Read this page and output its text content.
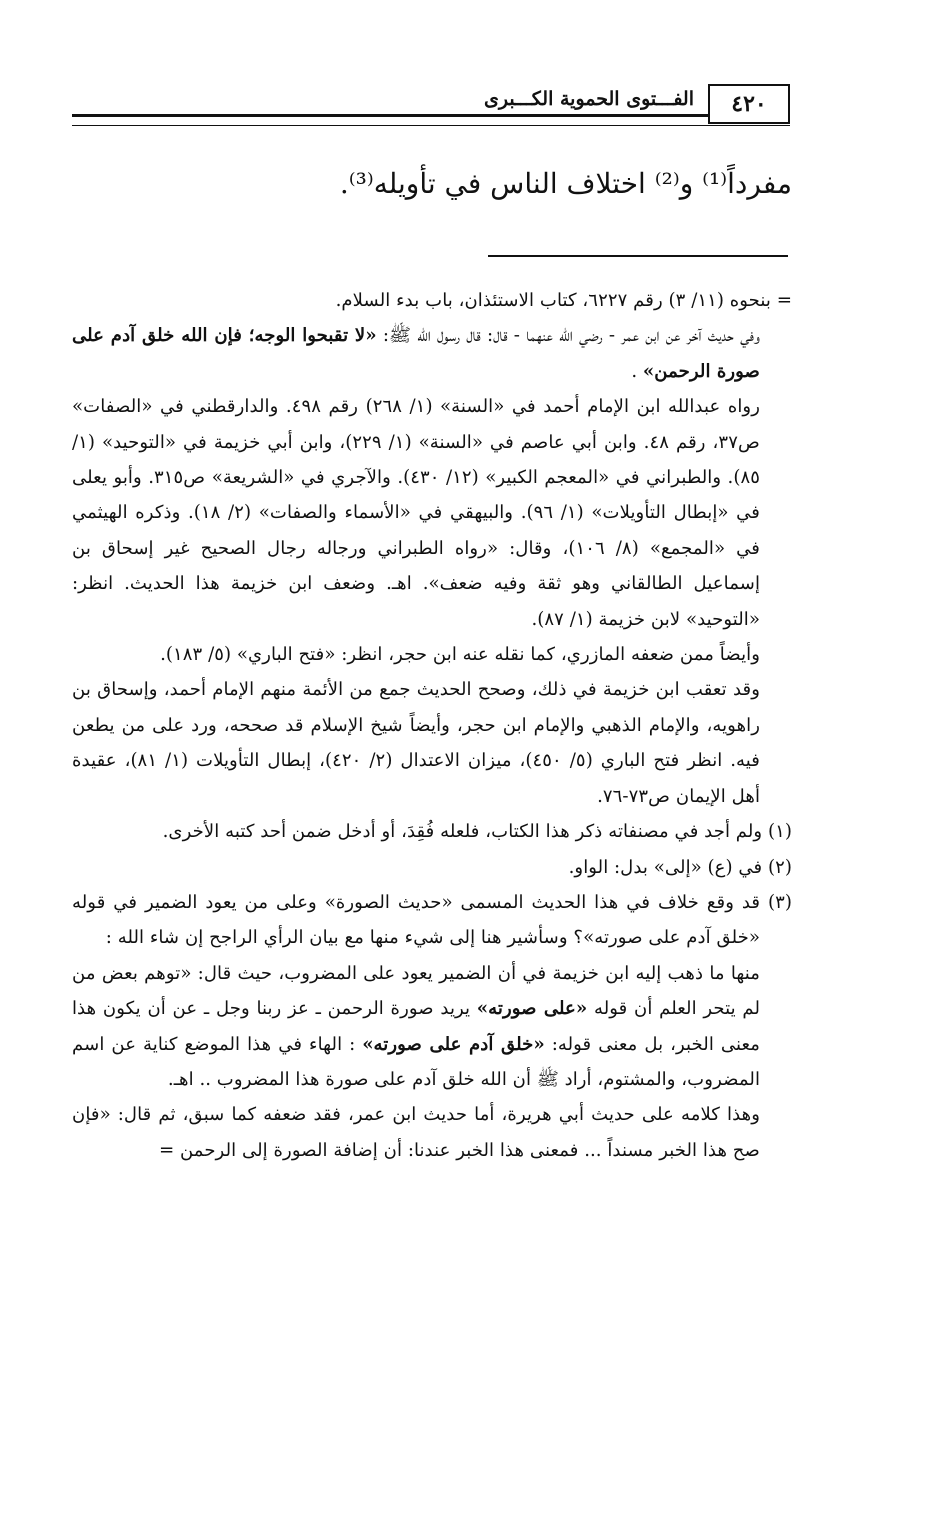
الفـــتوى الحموية الكـــبرى	٤٢٠
مفرداً⁽¹⁾ و⁽²⁾ اختلاف الناس في تأويله⁽³⁾.

= بنحوه (١١/ ٣) رقم ٦٢٢٧، كتاب الاستئذان، باب بدء السلام.

وفي حديث آخر عن ابن عمر - رضي الله عنهما - قال: قال رسول الله ﷺ: «لا تقبحوا الوجه؛ فإن الله خلق آدم على صورة الرحمن» .

رواه عبدالله ابن الإمام أحمد في «السنة» (١/ ٢٦٨) رقم ٤٩٨. والدارقطني في «الصفات» ص٣٧، رقم ٤٨. وابن أبي عاصم في «السنة» (١/ ٢٢٩)، وابن أبي خزيمة في «التوحيد» (١/ ٨٥). والطبراني في «المعجم الكبير» (١٢/ ٤٣٠). والآجري في «الشريعة» ص٣١٥. وأبو يعلى في «إبطال التأويلات» (١/ ٩٦). والبيهقي في «الأسماء والصفات» (٢/ ١٨). وذكره الهيثمي في «المجمع» (٨/ ١٠٦)، وقال: «رواه الطبراني ورجاله رجال الصحيح غير إسحاق بن إسماعيل الطالقاني وهو ثقة وفيه ضعف». اهـ. وضعف ابن خزيمة هذا الحديث. انظر: «التوحيد» لابن خزيمة (١/ ٨٧).

وأيضاً ممن ضعفه المازري، كما نقله عنه ابن حجر، انظر: «فتح الباري» (٥/ ١٨٣).

وقد تعقب ابن خزيمة في ذلك، وصحح الحديث جمع من الأئمة منهم الإمام أحمد، وإسحاق بن راهويه، والإمام الذهبي والإمام ابن حجر، وأيضاً شيخ الإسلام قد صححه، ورد على من يطعن فيه. انظر فتح الباري (٥/ ٤٥٠)، ميزان الاعتدال (٢/ ٤٢٠)، إبطال التأويلات (١/ ٨١)، عقيدة أهل الإيمان ص٧٣-٧٦.

(١) ولم أجد في مصنفاته ذكر هذا الكتاب، فلعله فُقِدَ، أو أدخل ضمن أحد كتبه الأخرى.

(٢) في (ع) «إلى» بدل: الواو.

(٣) قد وقع خلاف في هذا الحديث المسمى «حديث الصورة» وعلى من يعود الضمير في قوله «خلق آدم على صورته»؟ وسأشير هنا إلى شيء منها مع بيان الرأي الراجح إن شاء الله :

منها ما ذهب إليه ابن خزيمة في أن الضمير يعود على المضروب، حيث قال: «توهم بعض من لم يتحر العلم أن قوله «على صورته» يريد صورة الرحمن ـ عز ربنا وجل ـ عن أن يكون هذا معنى الخبر، بل معنى قوله: «خلق آدم على صورته» : الهاء في هذا الموضع كناية عن اسم المضروب، والمشتوم، أراد ﷺ أن الله خلق آدم على صورة هذا المضروب .. اهـ.

وهذا كلامه على حديث أبي هريرة، أما حديث ابن عمر، فقد ضعفه كما سبق، ثم قال: «فإن صح هذا الخبر مسنداً ... فمعنى هذا الخبر عندنا: أن إضافة الصورة إلى الرحمن =
